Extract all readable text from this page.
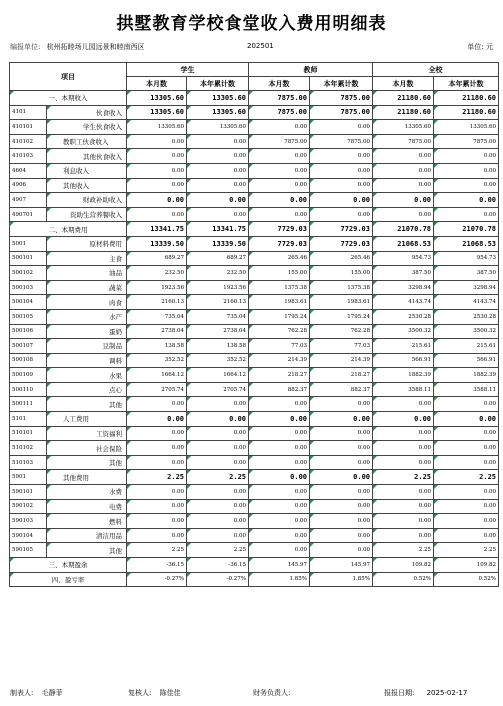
拱墅教育学校食堂收入费用明细表
编报单位: 杭州拓睦场儿园远景和睦南西区	202501	单位: 元
项目		学生		教师		全校	
		本月数	本年累计数	本月数	本年累计数	本月数	本年累计数
一、本期收入		13305.60	13305.60	7875.00	7875.00	21180.60	21180.60
4101	伙食收入	13305.60	13305.60	7875.00	7875.00	21180.60	21180.60
410101	学生伙食收入	13305.60	13305.60	0.00	0.00	13305.60	13305.60
410102	教职工伙食收入	0.00	0.00	7875.00	7875.00	7875.00	7875.00
410103	其他伙食收入	0.00	0.00	0.00	0.00	0.00	0.00
4604	利息收入	0.00	0.00	0.00	0.00	0.00	0.00
4906	其他收入	0.00	0.00	0.00	0.00	0.00	0.00
4907	财政补助收入	0.00	0.00	0.00	0.00	0.00	0.00
490701	资助生营养餐收入	0.00	0.00	0.00	0.00	0.00	0.00
二、本期费用		13341.75	13341.75	7729.03	7729.03	21070.78	21070.78
5001	原材料费用	13339.50	13339.50	7729.03	7729.03	21068.53	21068.53
500101	主食	689.27	689.27	265.46	265.46	954.73	954.73
500102	油品	232.50	232.50	155.00	155.00	387.50	387.50
500103	蔬菜	1923.56	1923.56	1375.38	1375.38	3298.94	3298.94
500104	肉食	2160.13	2160.13	1983.61	1983.61	4143.74	4143.74
500105	水产	735.04	735.04	1795.24	1795.24	2530.28	2530.28
500106	蛋奶	2738.04	2738.04	762.28	762.28	3500.32	3500.32
500107	豆制品	138.58	138.58	77.03	77.03	215.61	215.61
500108	调料	352.52	352.52	214.39	214.39	566.91	566.91
500109	水果	1664.12	1664.12	218.27	218.27	1882.39	1882.39
500110	点心	2705.74	2705.74	882.37	882.37	3588.11	3588.11
500111	其他	0.00	0.00	0.00	0.00	0.00	0.00
5101	人工费用	0.00	0.00	0.00	0.00	0.00	0.00
510101	工资福利	0.00	0.00	0.00	0.00	0.00	0.00
510102	社会保险	0.00	0.00	0.00	0.00	0.00	0.00
510103	其他	0.00	0.00	0.00	0.00	0.00	0.00
5901	其他费用	2.25	2.25	0.00	0.00	2.25	2.25
590101	水费	0.00	0.00	0.00	0.00	0.00	0.00
590102	电费	0.00	0.00	0.00	0.00	0.00	0.00
590103	燃料	0.00	0.00	0.00	0.00	0.00	0.00
590104	清洁用品	0.00	0.00	0.00	0.00	0.00	0.00
590105	其他	2.25	2.25	0.00	0.00	2.25	2.25
三、本期盈余		-36.15	-36.15	145.97	145.97	109.82	109.82
四、盈亏率		-0.27%	-0.27%	1.85%	1.85%	0.52%	0.52%
制表人: 毛静菲	复核人: 陈佳佳	财务负责人:	报报日期: 2025-02-17
